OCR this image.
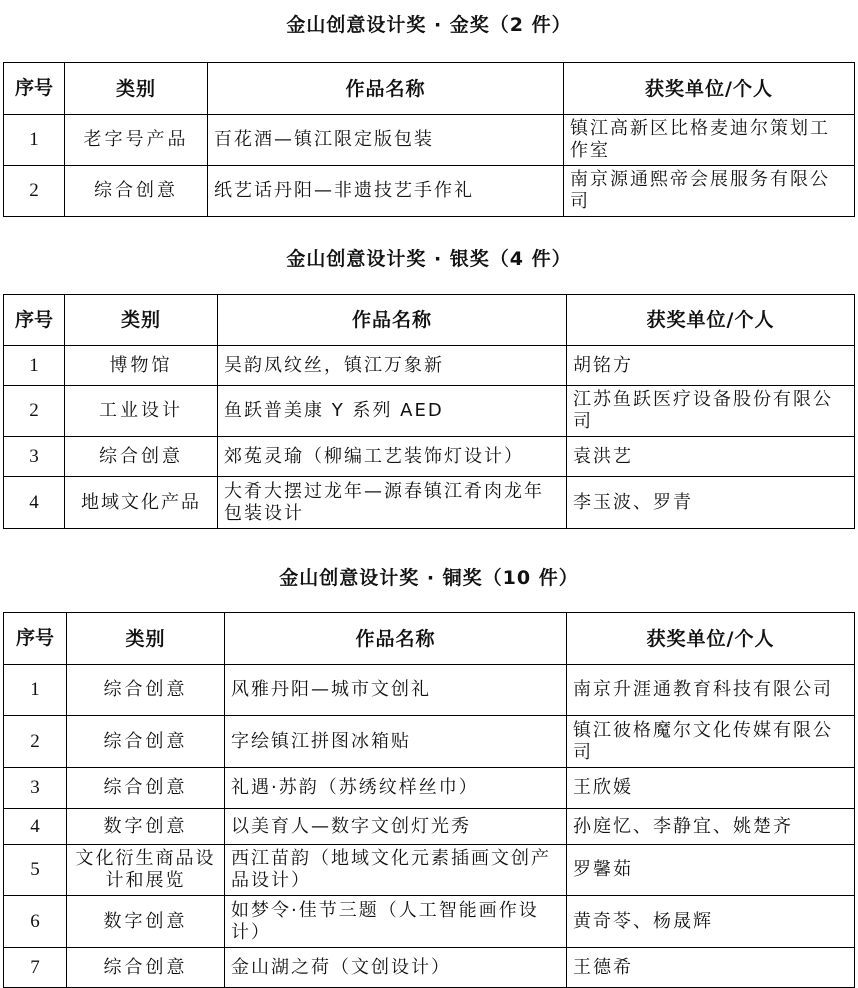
金山创意设计奖 · 金奖（2 件）
序号	类别	作品名称	获奖单位/个人
1	老字号产品	百花酒—镇江限定版包装	镇江高新区比格麦迪尔策划工作室
2	综合创意	纸艺话丹阳—非遗技艺手作礼	南京源通熙帝会展服务有限公司
金山创意设计奖 · 银奖（4 件）
序号	类别	作品名称	获奖单位/个人
1	博物馆	吴韵凤纹丝，镇江万象新	胡铭方
2	工业设计	鱼跃普美康 Y 系列 AED	江苏鱼跃医疗设备股份有限公司
3	综合创意	郊菟灵瑜（柳编工艺装饰灯设计）	袁洪艺
4	地域文化产品	大肴大摆过龙年—源春镇江肴肉龙年包装设计	李玉波、罗青
金山创意设计奖 · 铜奖（10 件）
序号	类别	作品名称	获奖单位/个人
1	综合创意	风雅丹阳—城市文创礼	南京升涯通教育科技有限公司
2	综合创意	字绘镇江拼图冰箱贴	镇江彼格魔尔文化传媒有限公司
3	综合创意	礼遇·苏韵（苏绣纹样丝巾）	王欣媛
4	数字创意	以美育人—数字文创灯光秀	孙庭忆、李静宜、姚楚齐
5	文化衍生商品设计和展览	西江苗韵（地域文化元素插画文创产品设计）	罗馨茹
6	数字创意	如梦令·佳节三题（人工智能画作设计）	黄奇苓、杨晟辉
7	综合创意	金山湖之荷（文创设计）	王德希
